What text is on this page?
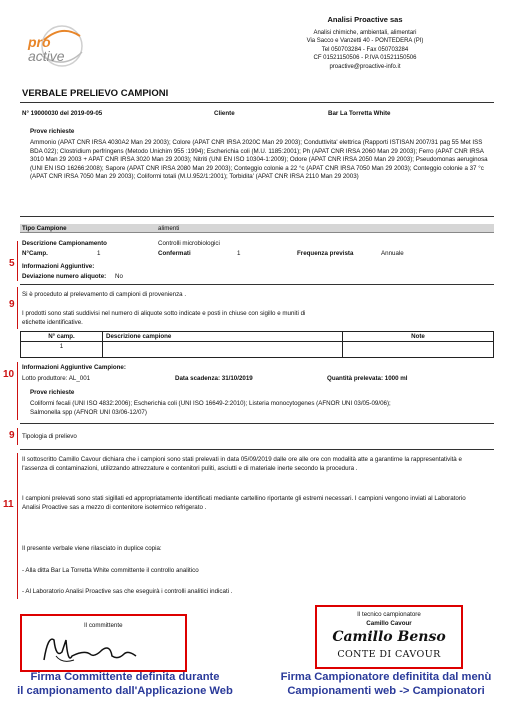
pro
active
Analisi Proactive sas
Analisi chimiche, ambientali, alimentari
Via Sacco e Vanzetti 40 - PONTEDERA (PI)
Tel 050703284 - Fax 050703284
CF 01521150506 - P.IVA 01521150506
proactive@proactive-info.it
VERBALE PRELIEVO CAMPIONI
N° 19000030 del 2019-09-05	Cliente	Bar La Torretta White
Prove richieste
Ammonio (APAT CNR IRSA 4030A2 Man 29 2003); Colore (APAT CNR IRSA 2020C Man 29 2003); Conduttivita' elettrica (Rapporti ISTISAN 2007/31 pag 55 Met ISS BDA 022); Clostridium perfringens (Metodo Unichim 955 :1994); Escherichia coli (M.U. 1185:2001); Ph (APAT CNR IRSA 2060 Man 29 2003); Ferro (APAT CNR IRSA 3010 Man 29 2003 + APAT CNR IRSA 3020 Man 29 2003); Nitriti (UNI EN ISO 10304-1:2009); Odore (APAT CNR IRSA 2050 Man 29 2003); Pseudomonas aeruginosa (UNI EN ISO 16266:2008); Sapore (APAT CNR IRSA 2080 Man 29 2003); Conteggio colonie a 22 °c (APAT CNR IRSA 7050 Man 29 2003); Conteggio colonie a 37 °c (APAT CNR IRSA 7050 Man 29 2003); Coliformi totali (M.U.952/1:2001); Torbidita' (APAT CNR IRSA 2110 Man 29 2003)
Tipo Campione	alimenti
Descrizione Campionamento	Controlli microbiologici
N°Camp.	1	Confermati	1	Frequenza prevista	Annuale
Informazioni Aggiuntive:
Deviazione numero aliquote: No
Si è proceduto al prelevamento di campioni di provenienza .
I prodotti sono stati suddivisi nel numero di aliquote sotto indicate e posti in chiuse con sigillo e muniti di etichette identificative.
N° camp.	Descrizione campione	Note
1		
Informazioni Aggiuntive Campione:
Lotto produttore: AL_001	Data scadenza: 31/10/2019	Quantità prelevata: 1000 ml
Prove richieste
Coliformi fecali (UNI ISO 4832:2006); Escherichia coli (UNI ISO 16649-2:2010); Listeria monocytogenes (AFNOR UNI 03/05-09/06); Salmonella spp (AFNOR UNI 03/06-12/07)
Tipologia di prelievo
Il sottoscritto Camillo Cavour dichiara che i campioni sono stati prelevati in data 05/09/2019 dalle ore alle ore con modalità atte a garantirne la rappresentatività e l'assenza di contaminazioni, utilizzando attrezzature e contenitori puliti, asciutti e di materiale inerte secondo la procedura .
I campioni prelevati sono stati sigillati ed appropriatamente identificati mediante cartellino riportante gli estremi necessari. I campioni vengono inviati al Laboratorio Analisi Proactive sas a mezzo di contenitore isotermico refrigerato .
Il presente verbale viene rilasciato in duplice copia:
- Alla ditta Bar La Torretta White committente il controllo analitico
- Al Laboratorio Analisi Proactive sas che eseguirà i controlli analitici indicati .
5
9
10
9
11
Il committente
Il tecnico campionatore
Camillo Cavour
Camillo Benso
CONTE DI CAVOUR
Firma Committente definita durante
il campionamento dall'Applicazione Web
Firma Campionatore definitita dal menù
Campionamenti web -> Campionatori
